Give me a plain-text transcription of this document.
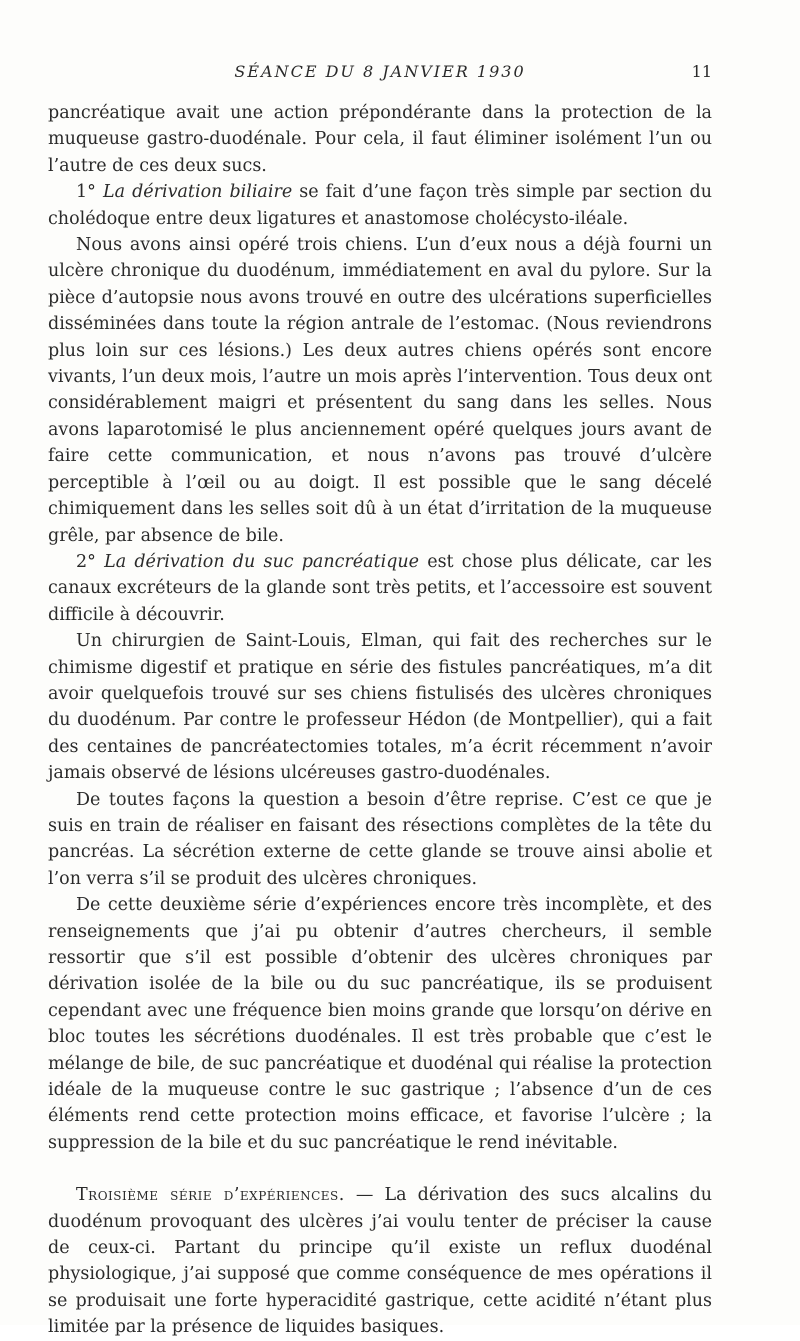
SÉANCE DU 8 JANVIER 1930	11

pancréatique avait une action prépondérante dans la protection de la muqueuse gastro-duodénale. Pour cela, il faut éliminer isolément l’un ou l’autre de ces deux sucs.

1° La dérivation biliaire se fait d’une façon très simple par section du cholédoque entre deux ligatures et anastomose cholécysto-iléale.

Nous avons ainsi opéré trois chiens. L’un d’eux nous a déjà fourni un ulcère chronique du duodénum, immédiatement en aval du pylore. Sur la pièce d’autopsie nous avons trouvé en outre des ulcérations superficielles disséminées dans toute la région antrale de l’estomac. (Nous reviendrons plus loin sur ces lésions.) Les deux autres chiens opérés sont encore vivants, l’un deux mois, l’autre un mois après l’intervention. Tous deux ont considérablement maigri et présentent du sang dans les selles. Nous avons laparotomisé le plus anciennement opéré quelques jours avant de faire cette communication, et nous n’avons pas trouvé d’ulcère perceptible à l’œil ou au doigt. Il est possible que le sang décelé chimiquement dans les selles soit dû à un état d’irritation de la muqueuse grêle, par absence de bile.

2° La dérivation du suc pancréatique est chose plus délicate, car les canaux excréteurs de la glande sont très petits, et l’accessoire est souvent difficile à découvrir.

Un chirurgien de Saint-Louis, Elman, qui fait des recherches sur le chimisme digestif et pratique en série des fistules pancréatiques, m’a dit avoir quelquefois trouvé sur ses chiens fistulisés des ulcères chroniques du duodénum. Par contre le professeur Hédon (de Montpellier), qui a fait des centaines de pancréatectomies totales, m’a écrit récemment n’avoir jamais observé de lésions ulcéreuses gastro-duodénales.

De toutes façons la question a besoin d’être reprise. C’est ce que je suis en train de réaliser en faisant des résections complètes de la tête du pancréas. La sécrétion externe de cette glande se trouve ainsi abolie et l’on verra s’il se produit des ulcères chroniques.

De cette deuxième série d’expériences encore très incomplète, et des renseignements que j’ai pu obtenir d’autres chercheurs, il semble ressortir que s’il est possible d’obtenir des ulcères chroniques par dérivation isolée de la bile ou du suc pancréatique, ils se produisent cependant avec une fréquence bien moins grande que lorsqu’on dérive en bloc toutes les sécrétions duodénales. Il est très probable que c’est le mélange de bile, de suc pancréatique et duodénal qui réalise la protection idéale de la muqueuse contre le suc gastrique ; l’absence d’un de ces éléments rend cette protection moins efficace, et favorise l’ulcère ; la suppression de la bile et du suc pancréatique le rend inévitable.

Troisième série d’expériences. — La dérivation des sucs alcalins du duodénum provoquant des ulcères j’ai voulu tenter de préciser la cause de ceux-ci. Partant du principe qu’il existe un reflux duodénal physiologique, j’ai supposé que comme conséquence de mes opérations il se produisait une forte hyperacidité gastrique, cette acidité n’étant plus limitée par la présence de liquides basiques.
